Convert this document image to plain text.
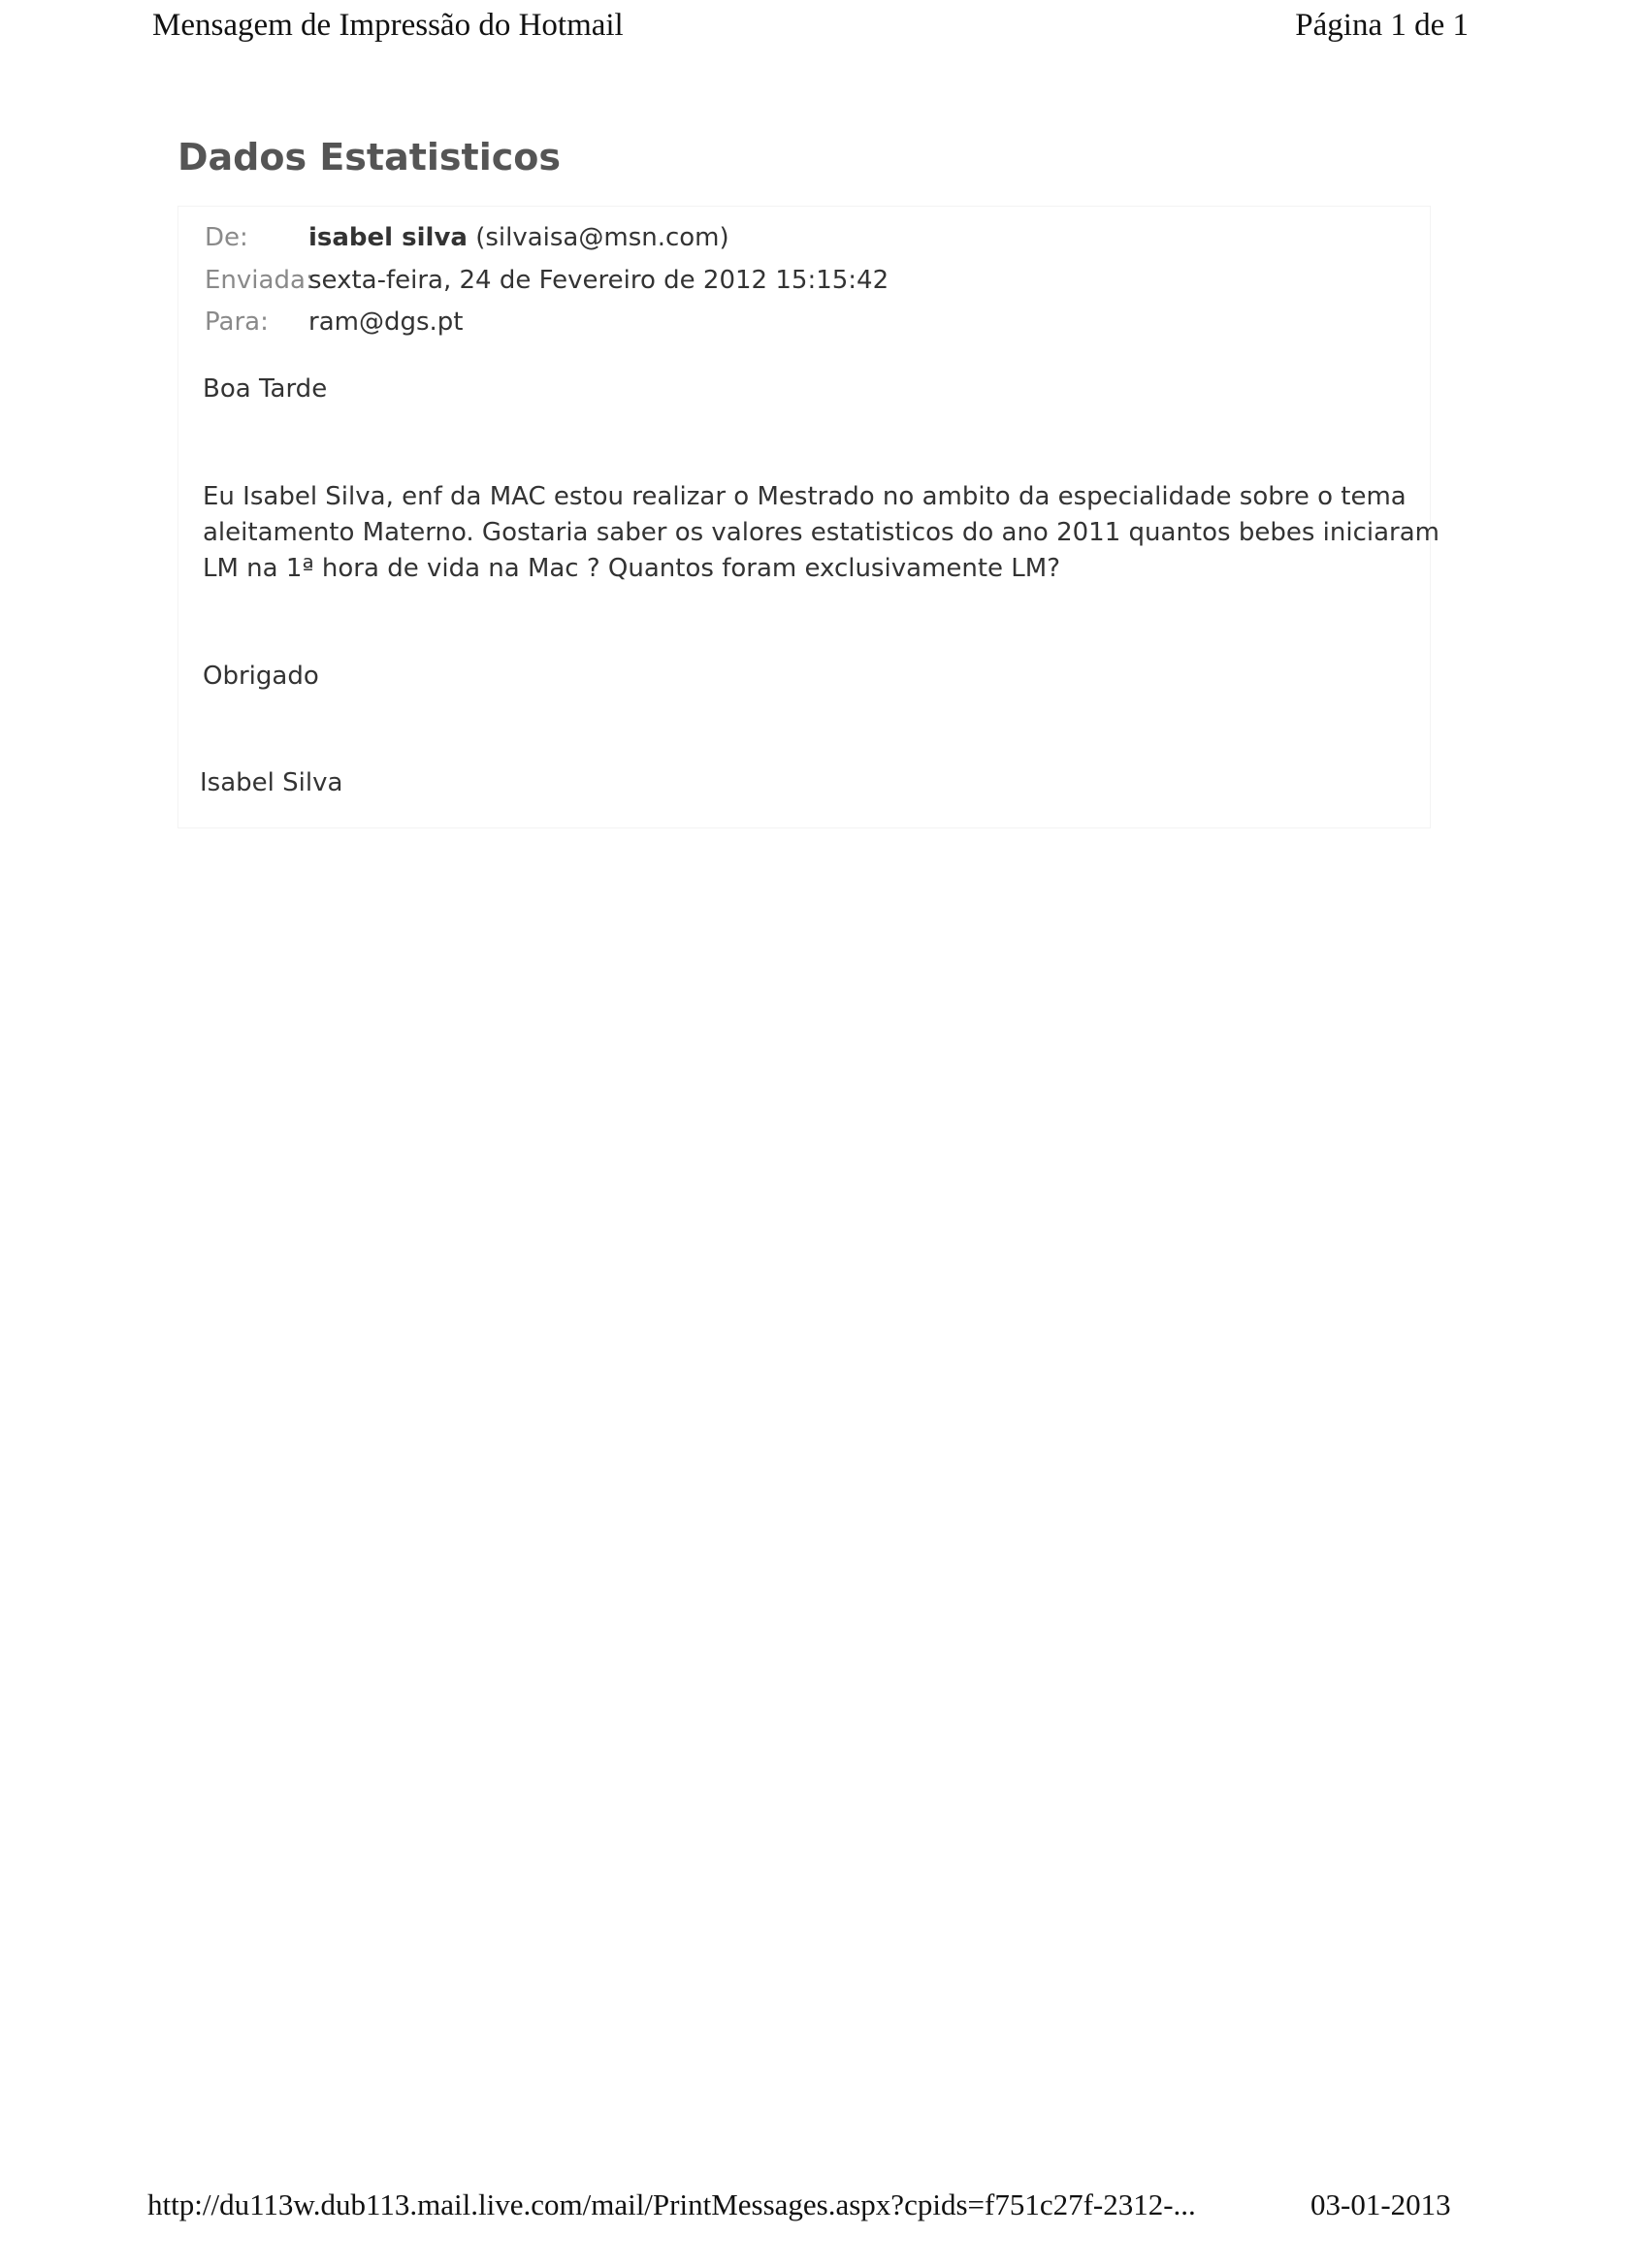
Mensagem de Impressão do Hotmail	Página 1 de 1
Dados Estatisticos
De: isabel silva (silvaisa@msn.com)
Enviada:
sexta-feira, 24 de Fevereiro de 2012 15:15:42
Para: ram@dgs.pt
Boa Tarde
Eu Isabel Silva, enf da MAC estou realizar o Mestrado no ambito da especialidade sobre o tema
aleitamento Materno. Gostaria saber os valores estatisticos do ano 2011 quantos bebes iniciaram
LM na 1ª hora de vida na Mac ? Quantos foram exclusivamente LM?
Obrigado
Isabel Silva
http://du113w.dub113.mail.live.com/mail/PrintMessages.aspx?cpids=f751c27f-2312-...	03-01-2013
